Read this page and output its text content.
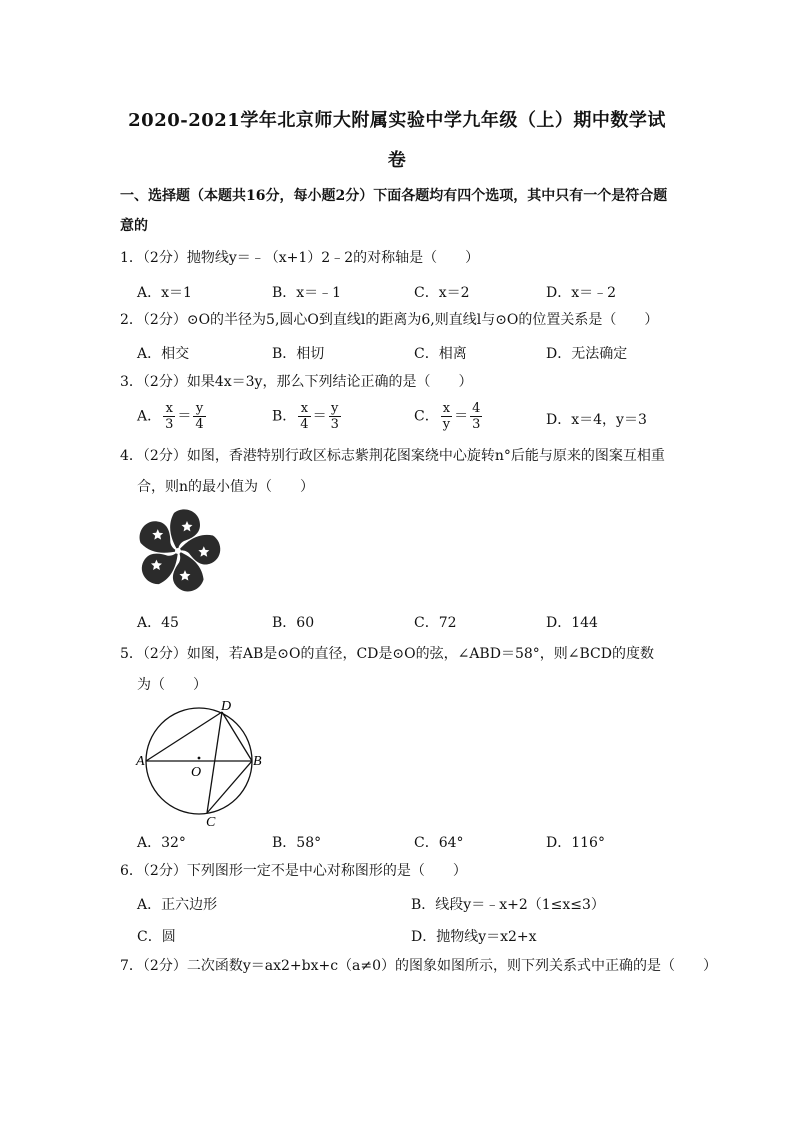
2020-2021学年北京师大附属实验中学九年级（上）期中数学试
卷
一、选择题（本题共16分，每小题2分）下面各题均有四个选项，其中只有一个是符合题
意的
1．（2分）抛物线y＝﹣（x+1）2﹣2的对称轴是（　　）
A．x＝1	B．x＝﹣1	C．x＝2	D．x＝﹣2
2．（2分）⊙O的半径为5,圆心O到直线l的距离为6,则直线l与⊙O的位置关系是（　　）
A．相交	B．相切	C．相离	D．无法确定
3．（2分）如果4x＝3y，那么下列结论正确的是（　　）
A． $\frac{x}{3} = \frac{y}{4}$	B． $\frac{x}{4} = \frac{y}{3}$	C． $\frac{x}{y} = \frac{4}{3}$	D．x＝4，y＝3
4．（2分）如图，香港特别行政区标志紫荆花图案绕中心旋转n°后能与原来的图案互相重
合，则n的最小值为（　　）
A．45	B．60	C．72	D．144
5．（2分）如图，若AB是⊙O的直径，CD是⊙O的弦，∠ABD＝58°，则∠BCD的度数
为（　　）
A	B
D
C
O
A．32°	B．58°	C．64°	D．116°
6．（2分）下列图形一定不是中心对称图形的是（　　）
A．正六边形	B．线段y＝﹣x+2（1≤x≤3）
C．圆	D．抛物线y＝x2+x
7．（2分）二次函数y＝ax2+bx+c（a≠0）的图象如图所示，则下列关系式中正确的是（　　）
